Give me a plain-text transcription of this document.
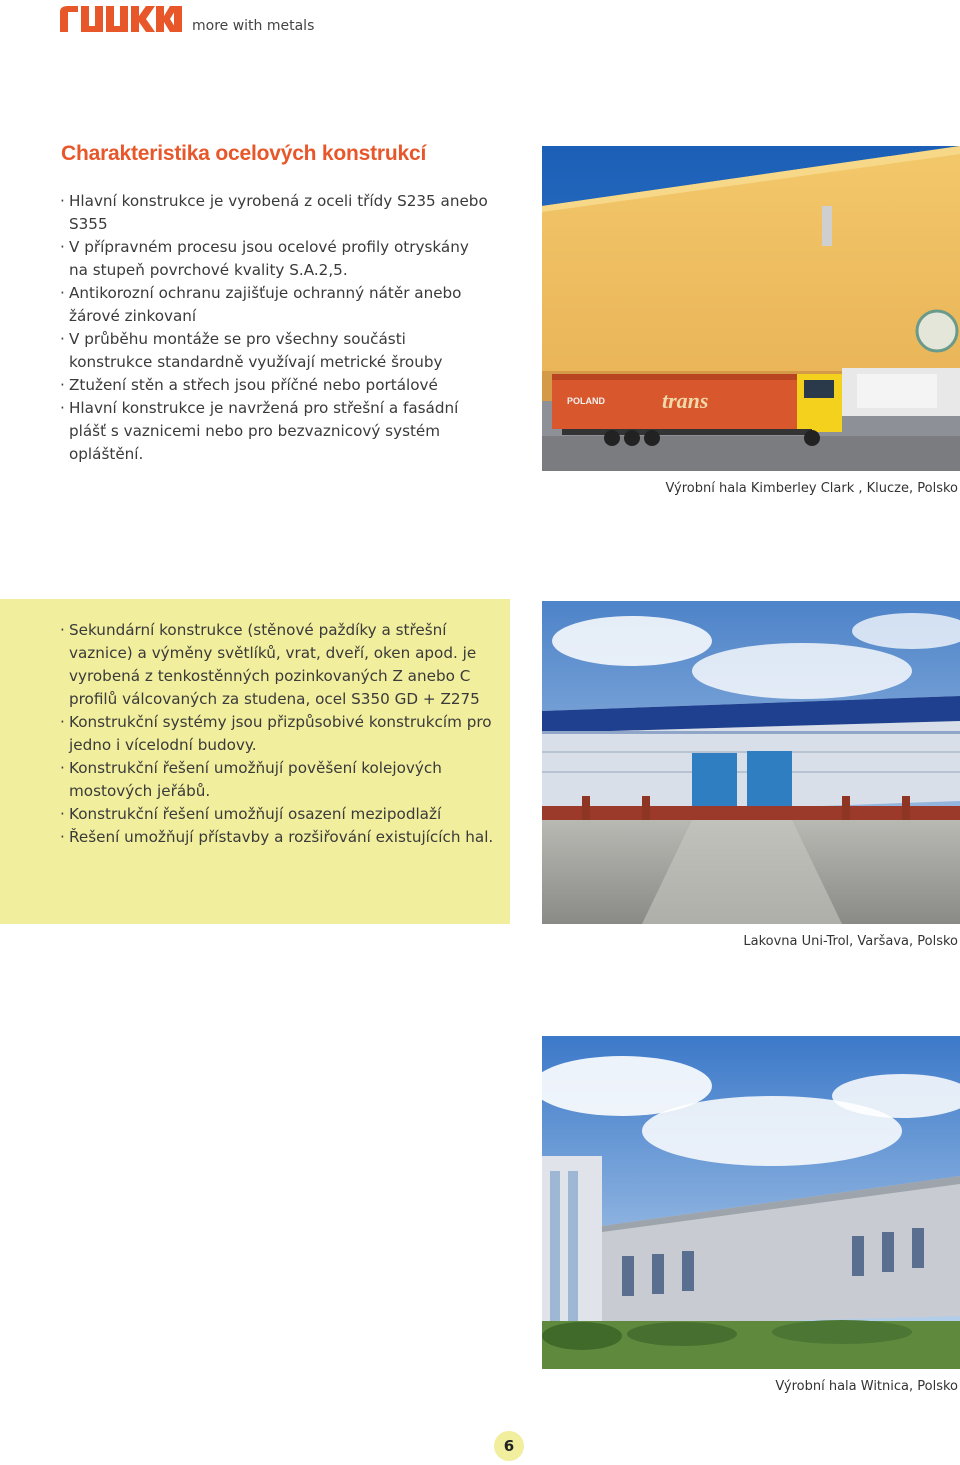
more with metals
Charakteristika ocelových konstrukcí
· Hlavní konstrukce je vyrobená z oceli třídy S235 anebo S355
· V přípravném procesu jsou ocelové profily otryskány na stupeň povrchové kvality S.A.2,5.
· Antikorozní ochranu zajišťuje ochranný nátěr anebo žárové zinkovaní
· V průběhu montáže se pro všechny součásti konstrukce standardně využívají metrické šrouby
· Ztužení stěn a střech jsou příčné nebo portálové
· Hlavní konstrukce je navržená pro střešní a fasádní plášť s vaznicemi nebo pro bezvaznicový systém opláštění.
POLAND	trans
Výrobní hala Kimberley Clark , Klucze, Polsko
· Sekundární konstrukce (stěnové paždíky a střešní vaznice) a výměny světlíků, vrat, dveří, oken apod. je vyrobená z tenkostěnných pozinkovaných Z anebo C profilů válcovaných za studena, ocel S350 GD + Z275
· Konstrukční systémy jsou přizpůsobivé konstrukcím pro jedno i vícelodní budovy.
· Konstrukční řešení umožňují pověšení kolejových mostových jeřábů.
· Konstrukční řešení umožňují osazení mezipodlaží
· Řešení umožňují přístavby a rozšiřování existujících hal.
Lakovna Uni-Trol, Varšava, Polsko
Výrobní hala Witnica, Polsko
6
